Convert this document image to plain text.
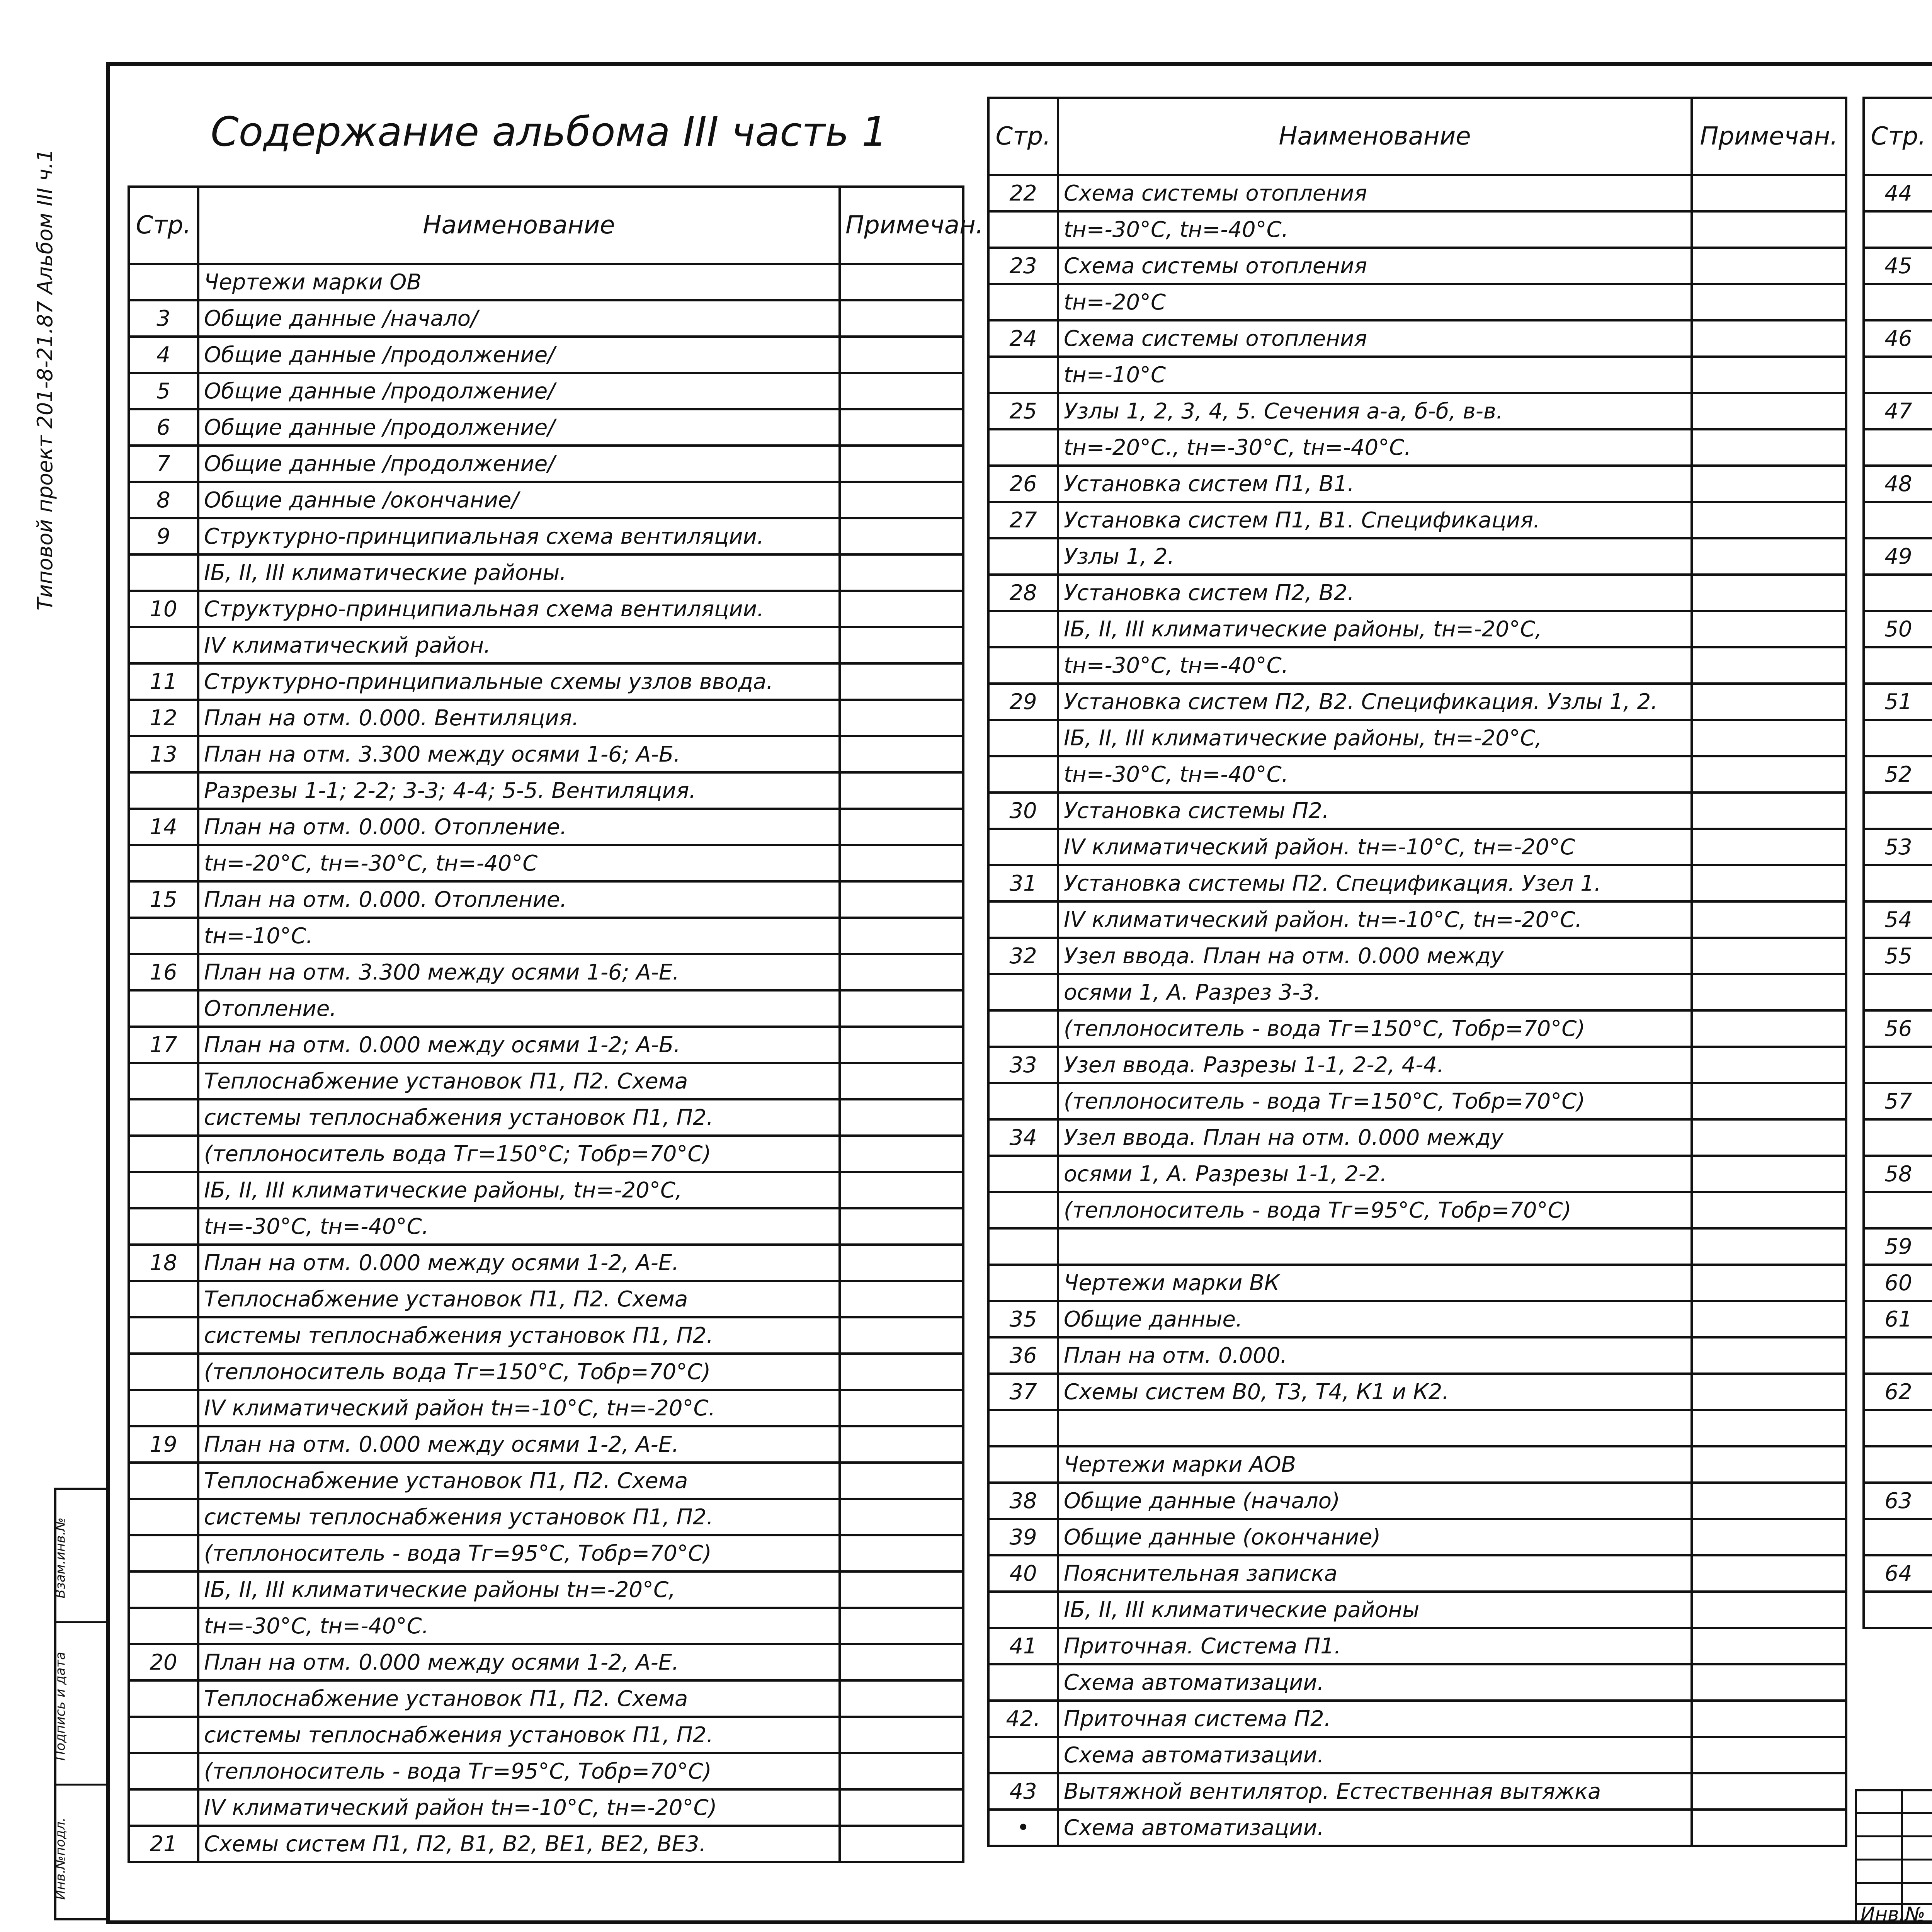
Типовой проект 201-8-21.87 Альбом III ч.1
Инв.№подл.
Подпись и дата
Взам.инв.№
Содержание альбома III часть 1
Стр.	Наименование	Примечан.
	Чертежи марки ОВ	
3	Общие данные /начало/	
4	Общие данные /продолжение/	
5	Общие данные /продолжение/	
6	Общие данные /продолжение/	
7	Общие данные /продолжение/	
8	Общие данные /окончание/	
9	Структурно-принципиальная схема вентиляции.	
	IБ, II, III климатические районы.	
10	Структурно-принципиальная схема вентиляции.	
	IV климатический район.	
11	Структурно-принципиальные схемы узлов ввода.	
12	План на отм. 0.000. Вентиляция.	
13	План на отм. 3.300 между осями 1-6; А-Б.	
	Разрезы 1-1; 2-2; 3-3; 4-4; 5-5. Вентиляция.	
14	План на отм. 0.000. Отопление.	
	tн=-20°С, tн=-30°С, tн=-40°С	
15	План на отм. 0.000. Отопление.	
	tн=-10°С.	
16	План на отм. 3.300 между осями 1-6; А-Е.	
	Отопление.	
17	План на отм. 0.000 между осями 1-2; А-Б.	
	Теплоснабжение установок П1, П2. Схема	
	системы теплоснабжения установок П1, П2.	
	(теплоноситель вода Тг=150°С; Тобр=70°С)	
	IБ, II, III климатические районы, tн=-20°С,	
	tн=-30°С, tн=-40°С.	
18	План на отм. 0.000 между осями 1-2, А-Е.	
	Теплоснабжение установок П1, П2. Схема	
	системы теплоснабжения установок П1, П2.	
	(теплоноситель вода Тг=150°С, Тобр=70°С)	
	IV климатический район tн=-10°С, tн=-20°С.	
19	План на отм. 0.000 между осями 1-2, А-Е.	
	Теплоснабжение установок П1, П2. Схема	
	системы теплоснабжения установок П1, П2.	
	(теплоноситель - вода Тг=95°С, Тобр=70°С)	
	IБ, II, III климатические районы tн=-20°С,	
	tн=-30°С, tн=-40°С.	
20	План на отм. 0.000 между осями 1-2, А-Е.	
	Теплоснабжение установок П1, П2. Схема	
	системы теплоснабжения установок П1, П2.	
	(теплоноситель - вода Тг=95°С, Тобр=70°С)	
	IV климатический район tн=-10°С, tн=-20°С)	
21	Схемы систем П1, П2, В1, В2, ВЕ1, ВЕ2, ВЕ3.	
Стр.	Наименование	Примечан.
22	Схема системы отопления	
	tн=-30°С, tн=-40°С.	
23	Схема системы отопления	
	tн=-20°С	
24	Схема системы отопления	
	tн=-10°С	
25	Узлы 1, 2, 3, 4, 5. Сечения а-а, б-б, в-в.	
	tн=-20°С., tн=-30°С, tн=-40°С.	
26	Установка систем П1, В1.	
27	Установка систем П1, В1. Спецификация.	
	Узлы 1, 2.	
28	Установка систем П2, В2.	
	IБ, II, III климатические районы, tн=-20°С,	
	tн=-30°С, tн=-40°С.	
29	Установка систем П2, В2. Спецификация. Узлы 1, 2.	
	IБ, II, III климатические районы, tн=-20°С,	
	tн=-30°С, tн=-40°С.	
30	Установка системы П2.	
	IV климатический район. tн=-10°С, tн=-20°С	
31	Установка системы П2. Спецификация. Узел 1.	
	IV климатический район. tн=-10°С, tн=-20°С.	
32	Узел ввода. План на отм. 0.000 между	
	осями 1, А. Разрез 3-3.	
	(теплоноситель - вода Тг=150°С, Тобр=70°С)	
33	Узел ввода. Разрезы 1-1, 2-2, 4-4.	
	(теплоноситель - вода Тг=150°С, Тобр=70°С)	
34	Узел ввода. План на отм. 0.000 между	
	осями 1, А. Разрезы 1-1, 2-2.	
	(теплоноситель - вода Тг=95°С, Тобр=70°С)	

	Чертежи марки ВК	
35	Общие данные.	
36	План на отм. 0.000.	
37	Схемы систем В0, Т3, Т4, К1 и К2.	

	Чертежи марки АОВ	
38	Общие данные (начало)	
39	Общие данные (окончание)	
40	Пояснительная записка	
	IБ, II, III климатические районы	
41	Приточная. Система П1.	
	Схема автоматизации.	
42.	Приточная система П2.	
	Схема автоматизации.	
43	Вытяжной вентилятор. Естественная вытяжка	
•	Схема автоматизации.	
Стр.		
44		

45		

46		

47		

48		

49		

50		

51		

52		

53		

54		
55		

56		

57		

58		

59		
60		
61		

62		

63		

64		

Инв.№
